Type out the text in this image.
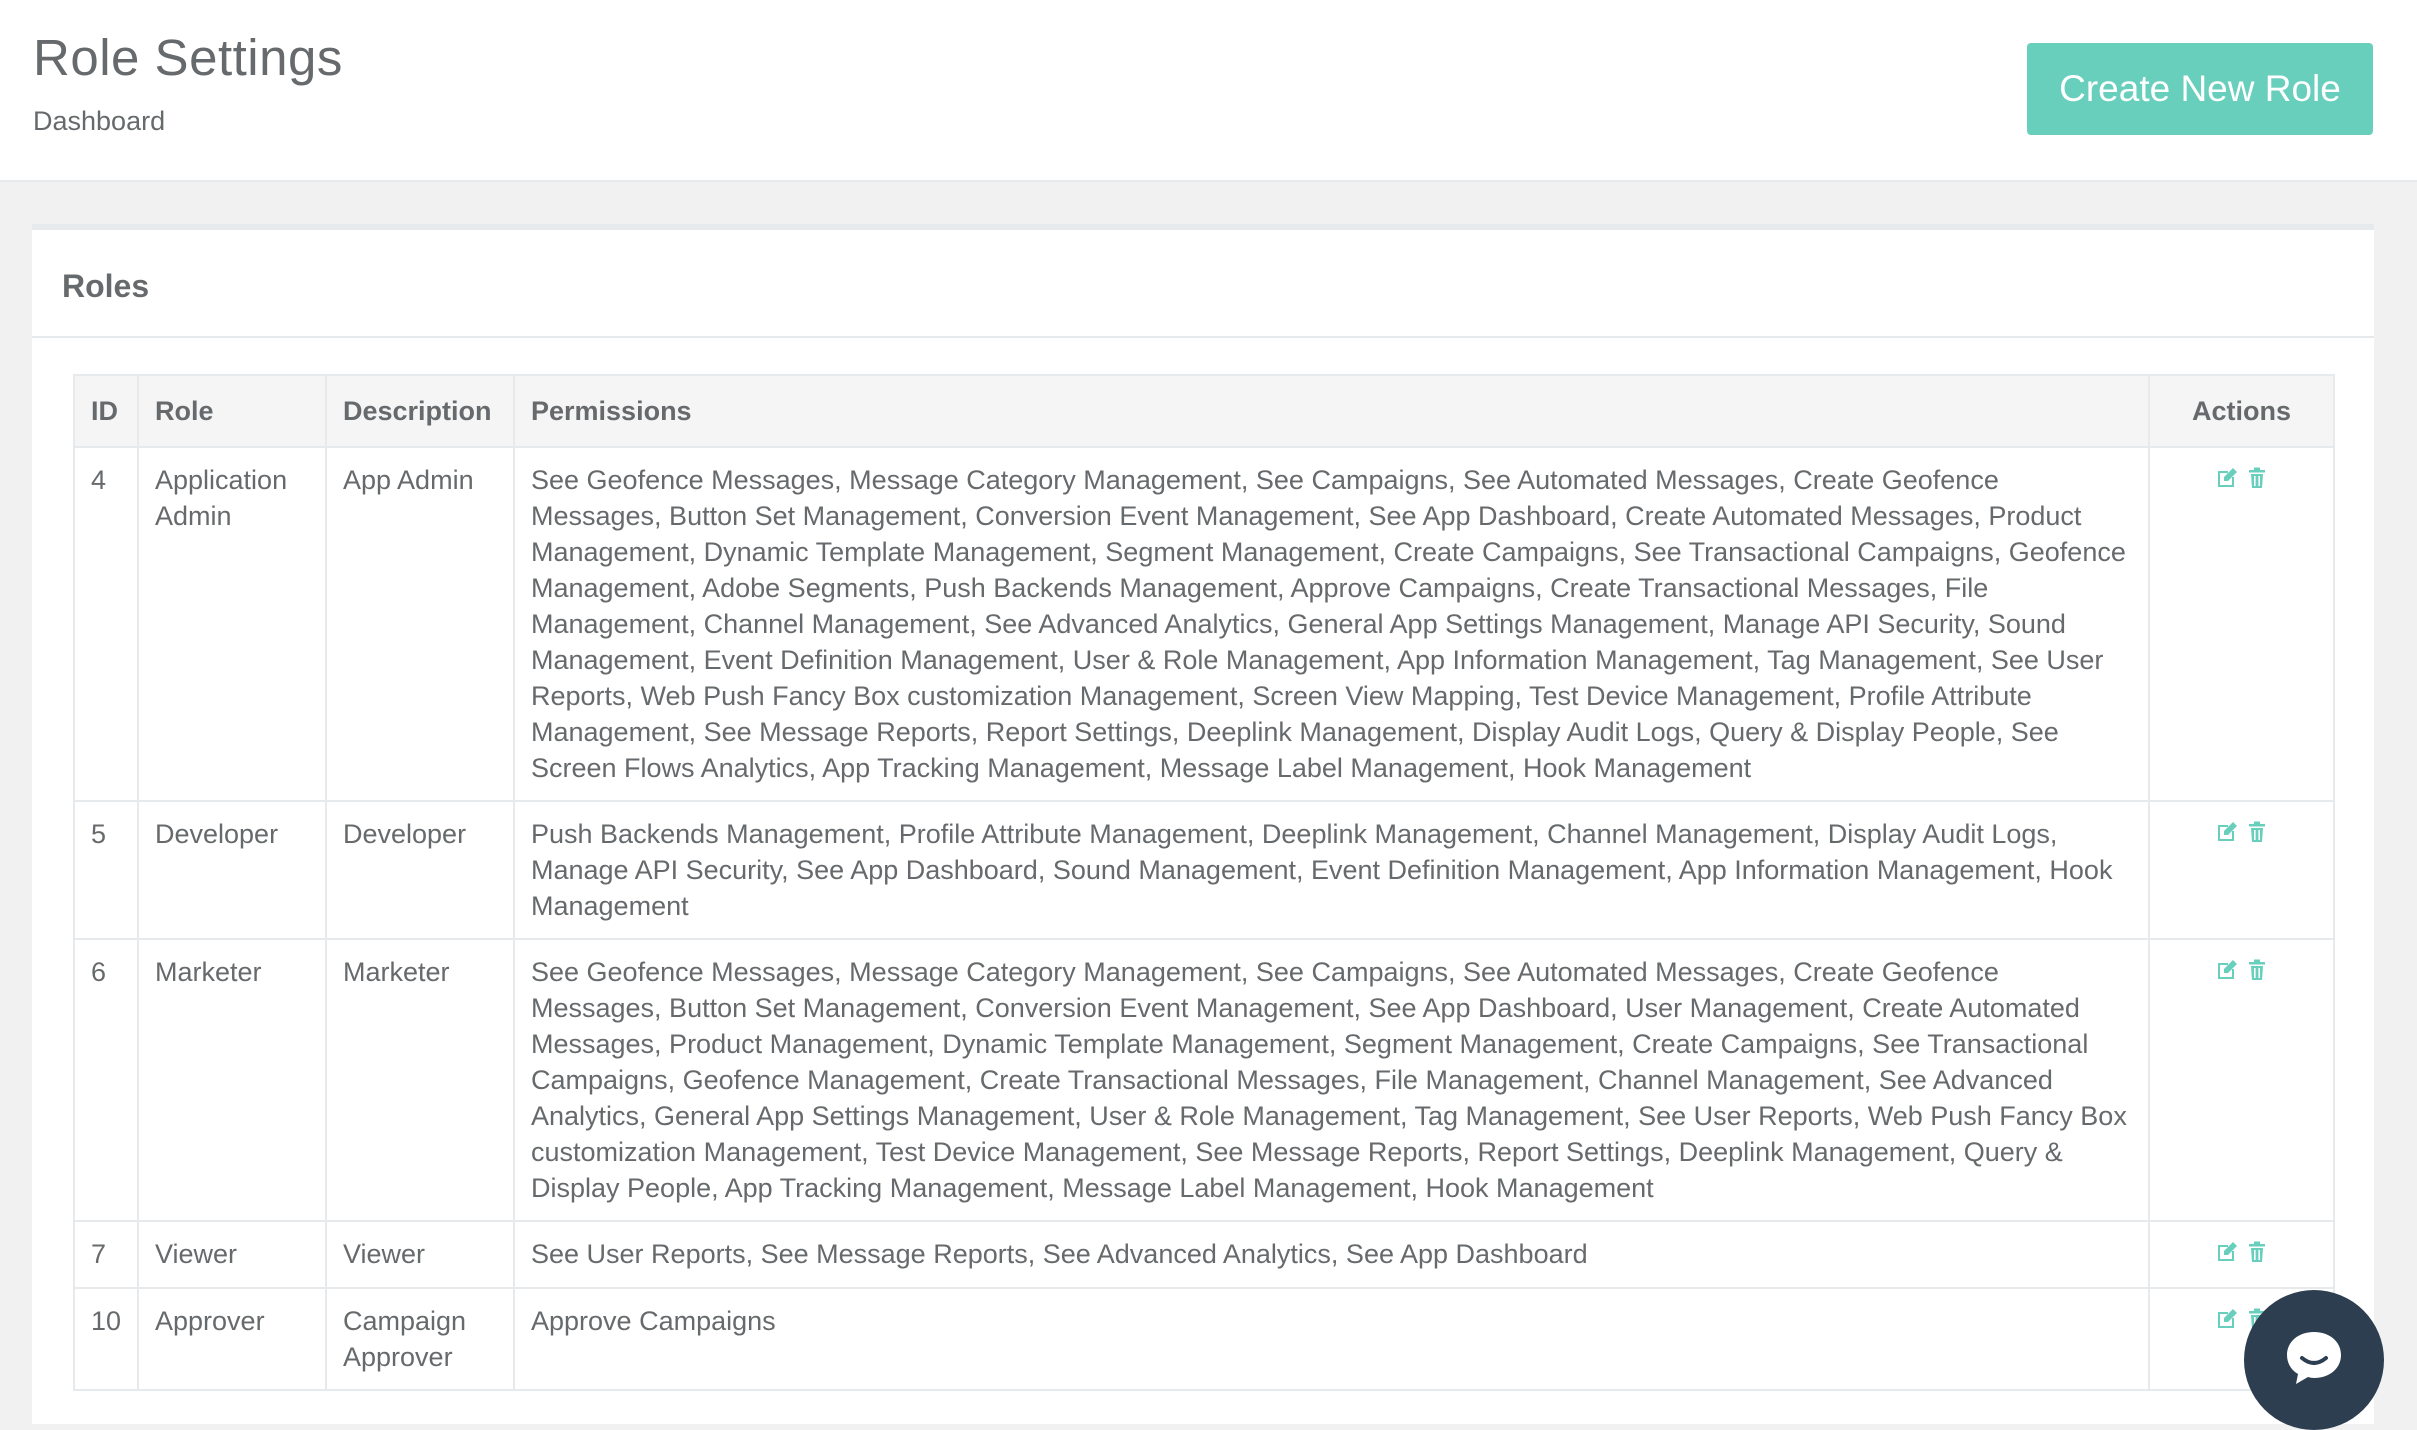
Role Settings
Dashboard
Create New Role
Roles
ID	Role	Description	Permissions	Actions
4	Application Admin	App Admin	See Geofence Messages, Message Category Management, See Campaigns, See Automated Messages, Create Geofence Messages, Button Set Management, Conversion Event Management, See App Dashboard, Create Automated Messages, Product Management, Dynamic Template Management, Segment Management, Create Campaigns, See Transactional Campaigns, Geofence Management, Adobe Segments, Push Backends Management, Approve Campaigns, Create Transactional Messages, File Management, Channel Management, See Advanced Analytics, General App Settings Management, Manage API Security, Sound Management, Event Definition Management, User & Role Management, App Information Management, Tag Management, See User Reports, Web Push Fancy Box customization Management, Screen View Mapping, Test Device Management, Profile Attribute Management, See Message Reports, Report Settings, Deeplink Management, Display Audit Logs, Query & Display People, See Screen Flows Analytics, App Tracking Management, Message Label Management, Hook Management	

5	Developer	Developer	Push Backends Management, Profile Attribute Management, Deeplink Management, Channel Management, Display Audit Logs, Manage API Security, See App Dashboard, Sound Management, Event Definition Management, App Information Management, Hook Management	

6	Marketer	Marketer	See Geofence Messages, Message Category Management, See Campaigns, See Automated Messages, Create Geofence Messages, Button Set Management, Conversion Event Management, See App Dashboard, User Management, Create Automated Messages, Product Management, Dynamic Template Management, Segment Management, Create Campaigns, See Transactional Campaigns, Geofence Management, Create Transactional Messages, File Management, Channel Management, See Advanced Analytics, General App Settings Management, User & Role Management, Tag Management, See User Reports, Web Push Fancy Box customization Management, Test Device Management, See Message Reports, Report Settings, Deeplink Management, Query & Display People, App Tracking Management, Message Label Management, Hook Management	

7	Viewer	Viewer	See User Reports, See Message Reports, See Advanced Analytics, See App Dashboard	

10	Approver	Campaign Approver	Approve Campaigns	
